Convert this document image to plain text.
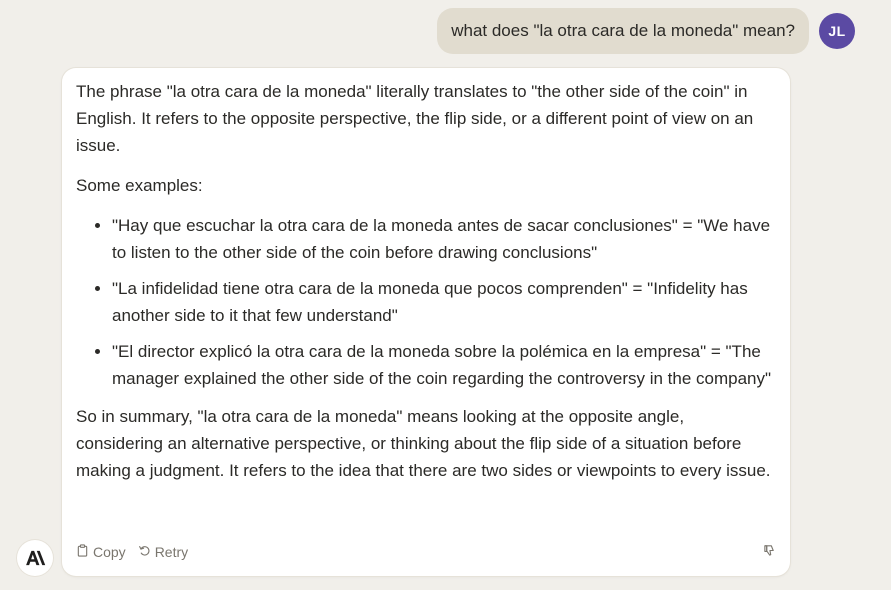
what does "la otra cara de la moneda" mean?	JL

The phrase "la otra cara de la moneda" literally translates to "the other side of the coin" in English. It refers to the opposite perspective, the flip side, or a different point of view on an issue.

Some examples:

• "Hay que escuchar la otra cara de la moneda antes de sacar conclusiones" = "We have to listen to the other side of the coin before drawing conclusions"
• "La infidelidad tiene otra cara de la moneda que pocos comprenden" = "Infidelity has another side to it that few understand"
• "El director explicó la otra cara de la moneda sobre la polémica en la empresa" = "The manager explained the other side of the coin regarding the controversy in the company"

So in summary, "la otra cara de la moneda" means looking at the opposite angle, considering an alternative perspective, or thinking about the flip side of a situation before making a judgment. It refers to the idea that there are two sides or viewpoints to every issue.

Copy Retry
